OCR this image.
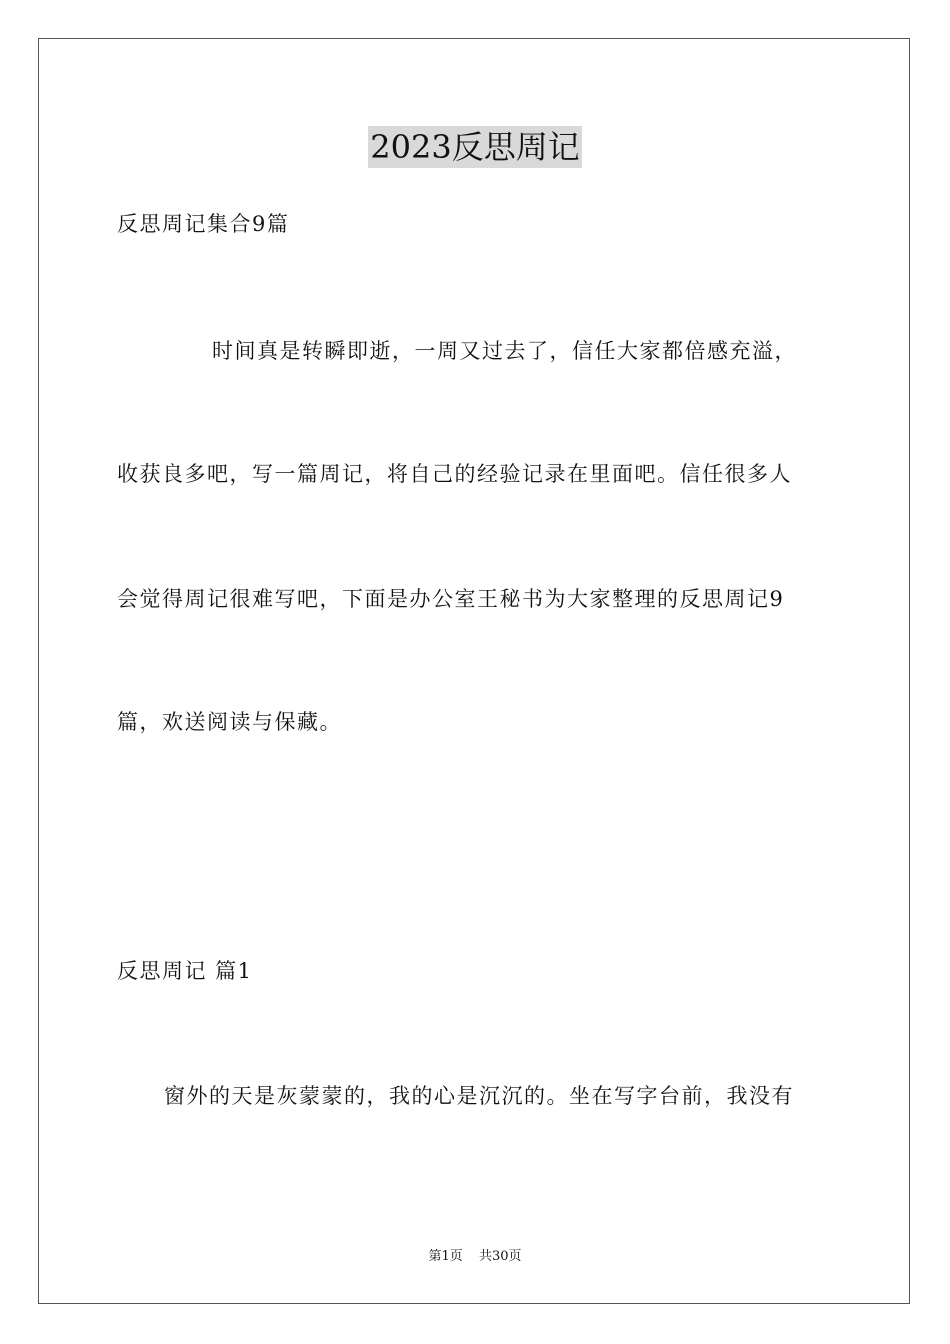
2023反思周记
反思周记集合9篇
时间真是转瞬即逝，一周又过去了，信任大家都倍感充溢，
收获良多吧，写一篇周记，将自己的经验记录在里面吧。信任很多人
会觉得周记很难写吧，下面是办公室王秘书为大家整理的反思周记9
篇，欢送阅读与保藏。
反思周记 篇1
窗外的天是灰蒙蒙的，我的心是沉沉的。坐在写字台前，我没有
第1页 共30页
